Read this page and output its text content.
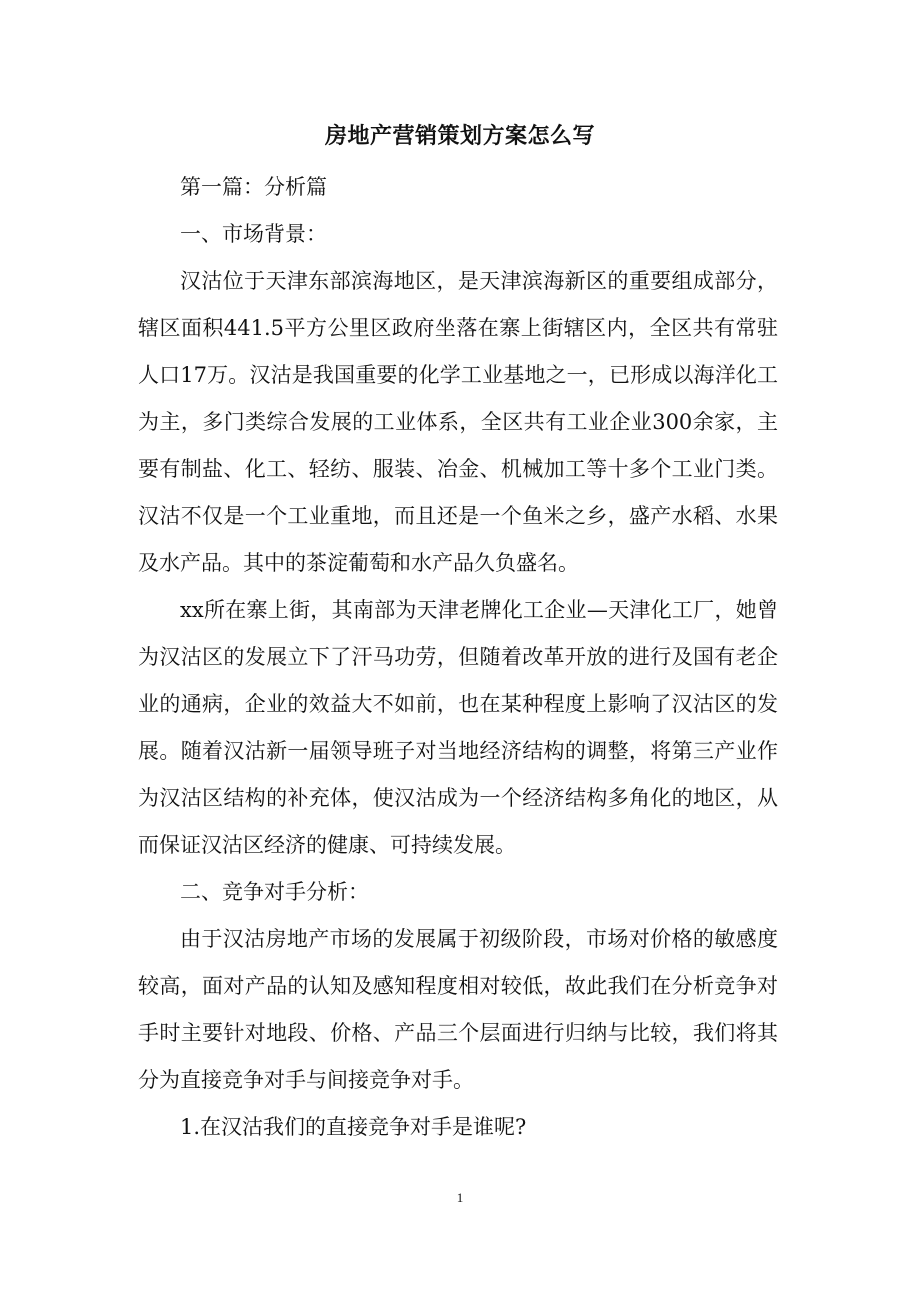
房地产营销策划方案怎么写

第一篇：分析篇

一、市场背景：

汉沽位于天津东部滨海地区，是天津滨海新区的重要组成部分，辖区面积441.5平方公里区政府坐落在寨上街辖区内，全区共有常驻人口17万。汉沽是我国重要的化学工业基地之一，已形成以海洋化工为主，多门类综合发展的工业体系，全区共有工业企业300余家，主要有制盐、化工、轻纺、服装、冶金、机械加工等十多个工业门类。汉沽不仅是一个工业重地，而且还是一个鱼米之乡，盛产水稻、水果及水产品。其中的茶淀葡萄和水产品久负盛名。

xx所在寨上街，其南部为天津老牌化工企业—天津化工厂，她曾为汉沽区的发展立下了汗马功劳，但随着改革开放的进行及国有老企业的通病，企业的效益大不如前，也在某种程度上影响了汉沽区的发展。随着汉沽新一届领导班子对当地经济结构的调整，将第三产业作为汉沽区结构的补充体，使汉沽成为一个经济结构多角化的地区，从而保证汉沽区经济的健康、可持续发展。

二、竞争对手分析：

由于汉沽房地产市场的发展属于初级阶段，市场对价格的敏感度较高，面对产品的认知及感知程度相对较低，故此我们在分析竞争对手时主要针对地段、价格、产品三个层面进行归纳与比较，我们将其分为直接竞争对手与间接竞争对手。

1.在汉沽我们的直接竞争对手是谁呢?

1
